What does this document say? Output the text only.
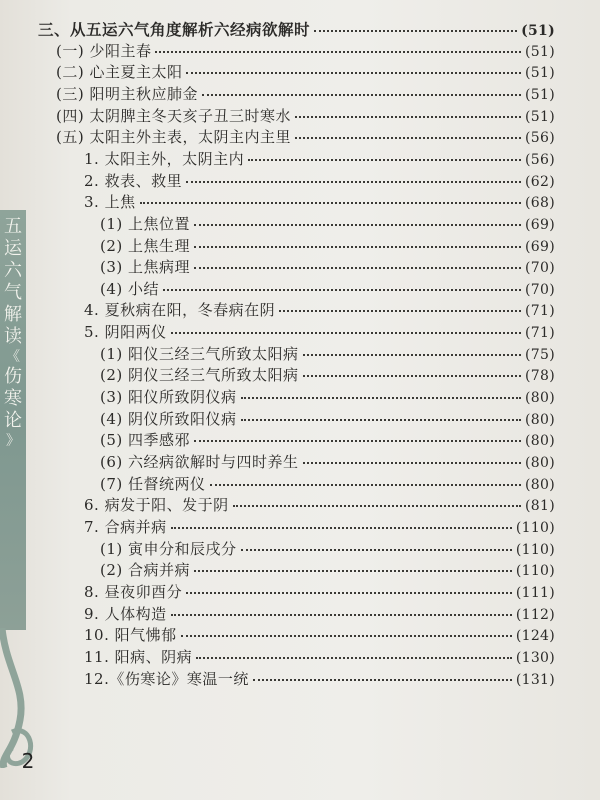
五
运
六
气
解
读
《
伤
寒
论
》
2
三、从五运六气角度解析六经病欲解时	(51)
(一) 少阳主春	(51)
(二) 心主夏主太阳	(51)
(三) 阳明主秋应肺金	(51)
(四) 太阴脾主冬天亥子丑三时寒水	(51)
(五) 太阳主外主表，太阴主内主里	(56)
1. 太阳主外，太阴主内	(56)
2. 救表、救里	(62)
3. 上焦	(68)
(1) 上焦位置	(69)
(2) 上焦生理	(69)
(3) 上焦病理	(70)
(4) 小结	(70)
4. 夏秋病在阳，冬春病在阴	(71)
5. 阴阳两仪	(71)
(1) 阳仪三经三气所致太阳病	(75)
(2) 阴仪三经三气所致太阳病	(78)
(3) 阳仪所致阴仪病	(80)
(4) 阴仪所致阳仪病	(80)
(5) 四季感邪	(80)
(6) 六经病欲解时与四时养生	(80)
(7) 任督统两仪	(80)
6. 病发于阳、发于阴	(81)
7. 合病并病	(110)
(1) 寅申分和辰戌分	(110)
(2) 合病并病	(110)
8. 昼夜卯酉分	(111)
9. 人体构造	(112)
10. 阳气怫郁	(124)
11. 阳病、阴病	(130)
12.《伤寒论》寒温一统	(131)
